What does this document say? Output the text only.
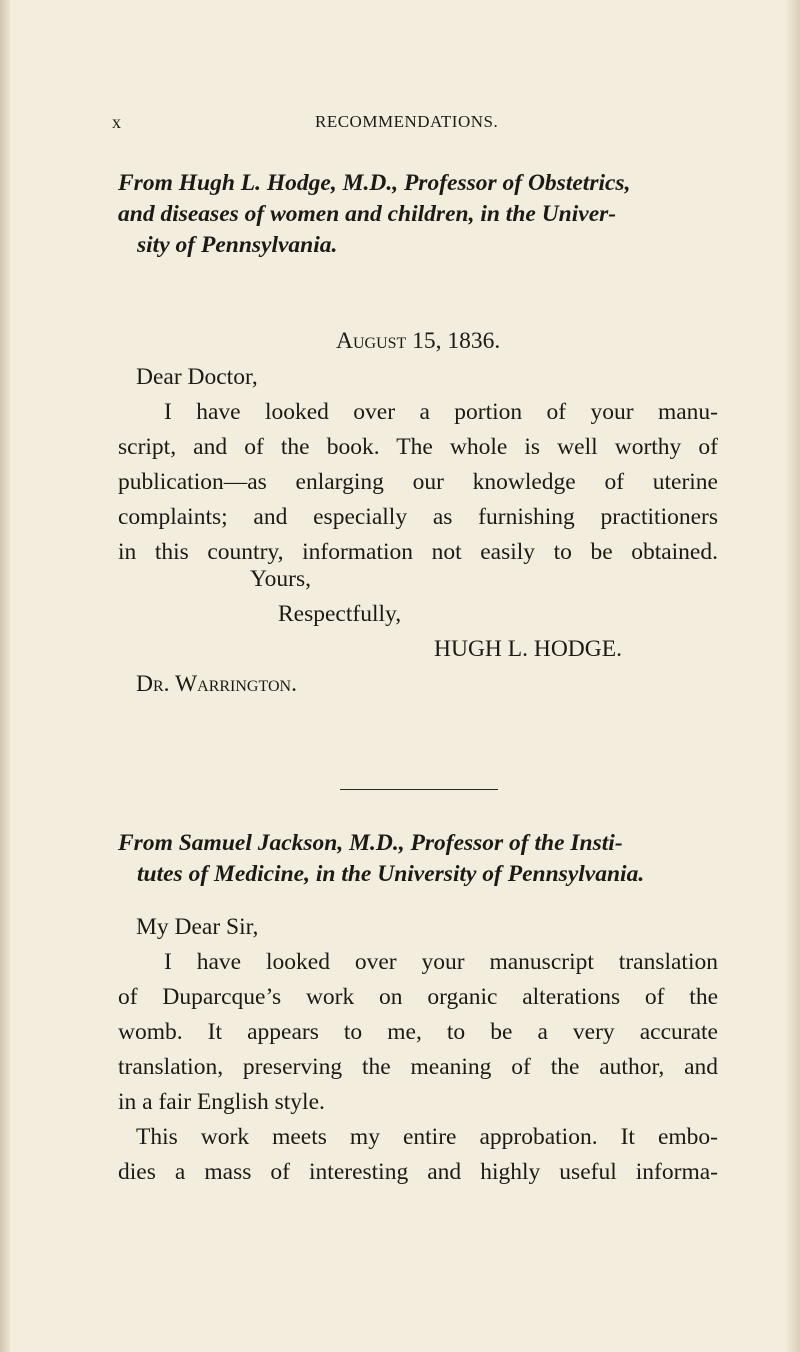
x	RECOMMENDATIONS.
From Hugh L. Hodge, M.D., Professor of Obstetrics,
and diseases of women and children, in the Univer-
sity of Pennsylvania.
August 15, 1836.
Dear Doctor,
I have looked over a portion of your manu-
script, and of the book. The whole is well worthy of
publication—as enlarging our knowledge of uterine
complaints; and especially as furnishing practitioners
in this country, information not easily to be obtained.
Yours,
Respectfully,
HUGH L. HODGE.
Dr. Warrington.
From Samuel Jackson, M.D., Professor of the Insti-
tutes of Medicine, in the University of Pennsylvania.
My Dear Sir,
I have looked over your manuscript translation
of Duparcque’s work on organic alterations of the
womb. It appears to me, to be a very accurate
translation, preserving the meaning of the author, and
in a fair English style.
This work meets my entire approbation. It embo-
dies a mass of interesting and highly useful informa-
